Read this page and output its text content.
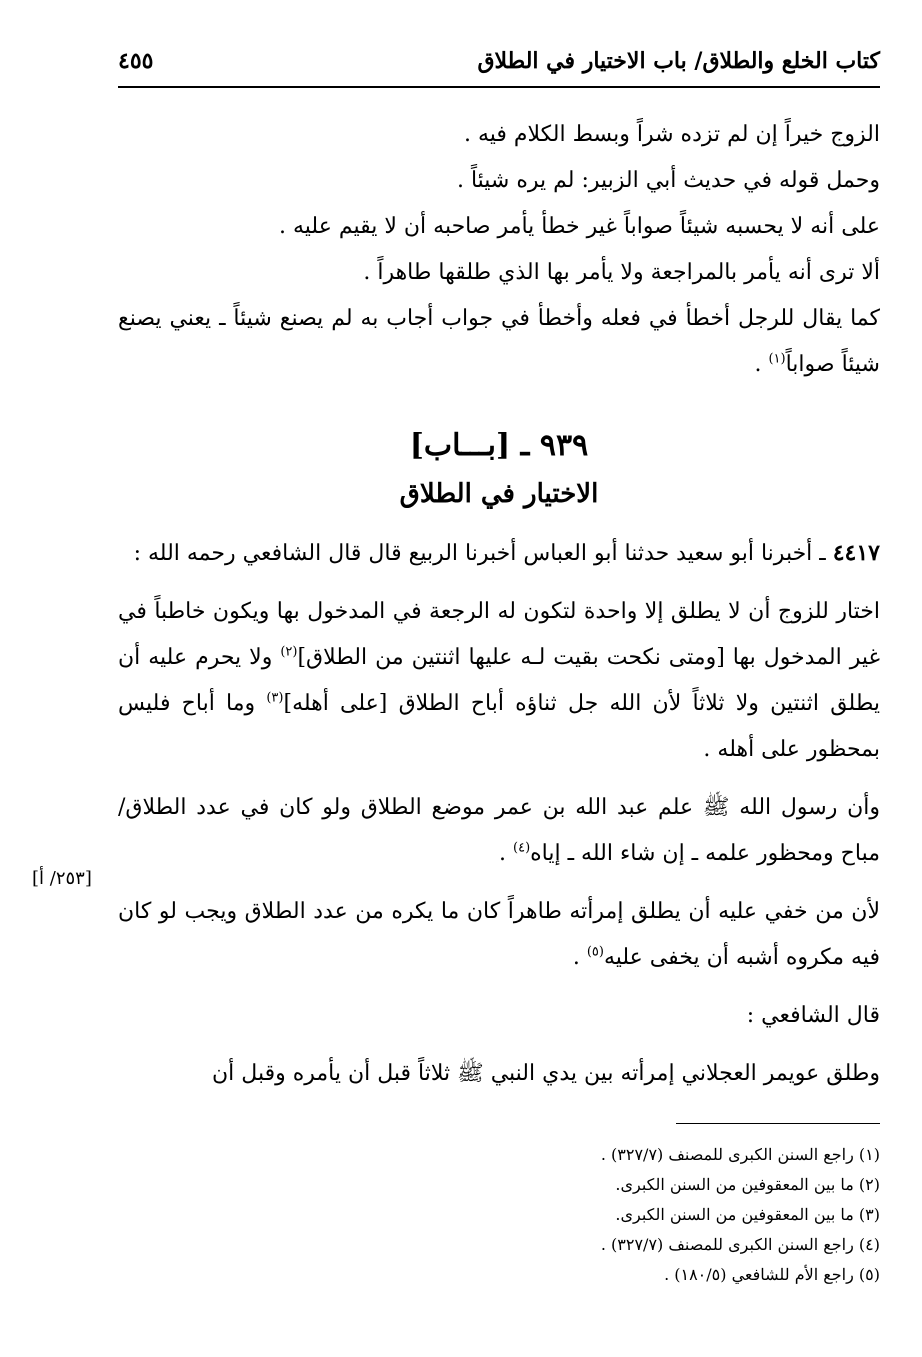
كتاب الخلع والطلاق/ باب الاختيار في الطلاق
٤٥٥

الزوج خيراً إن لم تزده شراً وبسط الكلام فيه .

وحمل قوله في حديث أبي الزبير: لم يره شيئاً .

على أنه لا يحسبه شيئاً صواباً غير خطأ يأمر صاحبه أن لا يقيم عليه .

ألا ترى أنه يأمر بالمراجعة ولا يأمر بها الذي طلقها طاهراً .

كما يقال للرجل أخطأ في فعله وأخطأ في جواب أجاب به لم يصنع شيئاً ـ يعني يصنع شيئاً صواباً$^{(١)}$ .

٩٣٩ ـ [بـــاب]
الاختيار في الطلاق

٤٤١٧ ـ أخبرنا أبو سعيد حدثنا أبو العباس أخبرنا الربيع قال قال الشافعي رحمه الله :

اختار للزوج أن لا يطلق إلا واحدة لتكون له الرجعة في المدخول بها ويكون خاطباً في غير المدخول بها [ومتى نكحت بقيت لـه عليها اثنتين من الطلاق]$^{(٢)}$ ولا يحرم عليه أن يطلق اثنتين ولا ثلاثاً لأن الله جل ثناؤه أباح الطلاق [على أهله]$^{(٣)}$ وما أباح فليس بمحظور على أهله .

وأن رسول الله ﷺ علم عبد الله بن عمر موضع الطلاق ولو كان في عدد الطلاق/ مباح ومحظور علمه ـ إن شاء الله ـ إياه$^{(٤)}$ .

لأن من خفي عليه أن يطلق إمرأته طاهراً كان ما يكره من عدد الطلاق ويجب لو كان فيه مكروه أشبه أن يخفى عليه$^{(٥)}$ .

قال الشافعي :

وطلق عويمر العجلاني إمرأته بين يدي النبي ﷺ ثلاثاً قبل أن يأمره وقبل أن

[٢٥٣/ أ]
(١) راجع السنن الكبرى للمصنف (٣٢٧/٧) .
(٢) ما بين المعقوفين من السنن الكبرى.
(٣) ما بين المعقوفين من السنن الكبرى.
(٤) راجع السنن الكبرى للمصنف (٣٢٧/٧) .
(٥) راجع الأم للشافعي (١٨٠/٥) .
